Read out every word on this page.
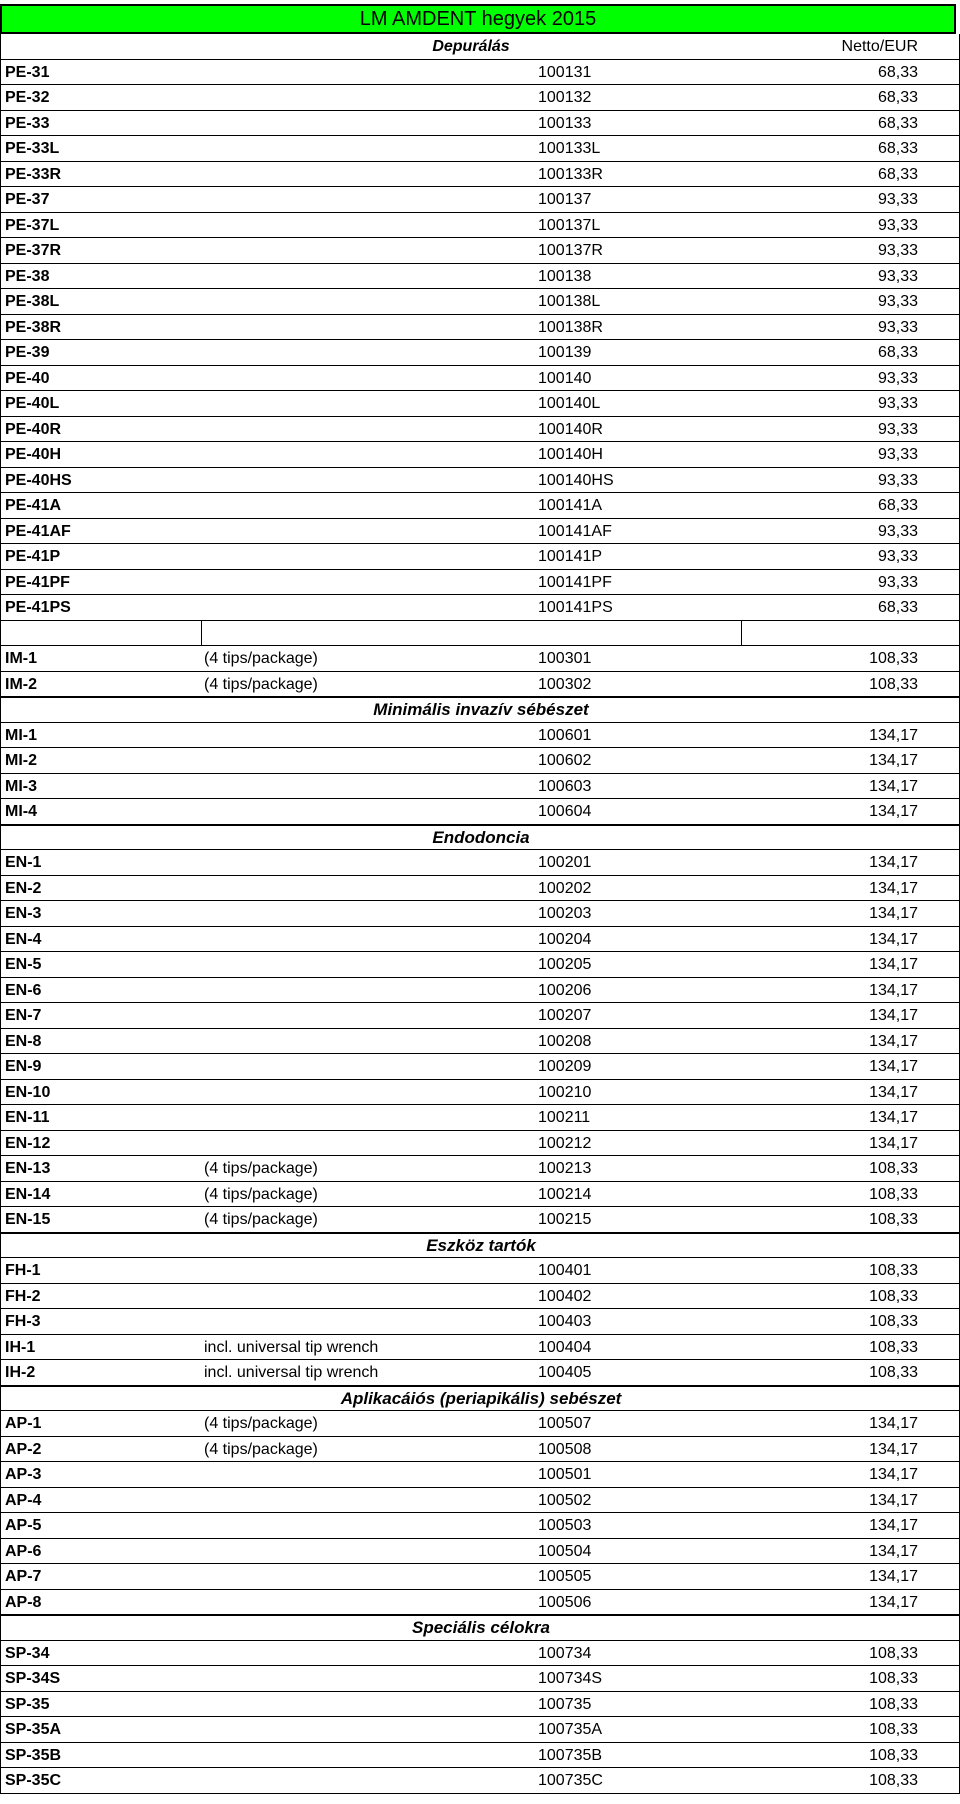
LM AMDENT hegyek 2015
Depurálás	Netto/EUR
PE-31	100131	68,33
PE-32	100132	68,33
PE-33	100133	68,33
PE-33L	100133L	68,33
PE-33R	100133R	68,33
PE-37	100137	93,33
PE-37L	100137L	93,33
PE-37R	100137R	93,33
PE-38	100138	93,33
PE-38L	100138L	93,33
PE-38R	100138R	93,33
PE-39	100139	68,33
PE-40	100140	93,33
PE-40L	100140L	93,33
PE-40R	100140R	93,33
PE-40H	100140H	93,33
PE-40HS	100140HS	93,33
PE-41A	100141A	68,33
PE-41AF	100141AF	93,33
PE-41P	100141P	93,33
PE-41PF	100141PF	93,33
PE-41PS	100141PS	68,33
IM-1	(4 tips/package)	100301	108,33
IM-2	(4 tips/package)	100302	108,33
Minimális invazív sébészet
MI-1	100601	134,17
MI-2	100602	134,17
MI-3	100603	134,17
MI-4	100604	134,17
Endodoncia
EN-1	100201	134,17
EN-2	100202	134,17
EN-3	100203	134,17
EN-4	100204	134,17
EN-5	100205	134,17
EN-6	100206	134,17
EN-7	100207	134,17
EN-8	100208	134,17
EN-9	100209	134,17
EN-10	100210	134,17
EN-11	100211	134,17
EN-12	100212	134,17
EN-13	(4 tips/package)	100213	108,33
EN-14	(4 tips/package)	100214	108,33
EN-15	(4 tips/package)	100215	108,33
Eszköz tartók
FH-1	100401	108,33
FH-2	100402	108,33
FH-3	100403	108,33
IH-1	incl. universal tip wrench	100404	108,33
IH-2	incl. universal tip wrench	100405	108,33
Aplikacáiós (periapikális) sebészet
AP-1	(4 tips/package)	100507	134,17
AP-2	(4 tips/package)	100508	134,17
AP-3	100501	134,17
AP-4	100502	134,17
AP-5	100503	134,17
AP-6	100504	134,17
AP-7	100505	134,17
AP-8	100506	134,17
Speciális célokra
SP-34	100734	108,33
SP-34S	100734S	108,33
SP-35	100735	108,33
SP-35A	100735A	108,33
SP-35B	100735B	108,33
SP-35C	100735C	108,33
